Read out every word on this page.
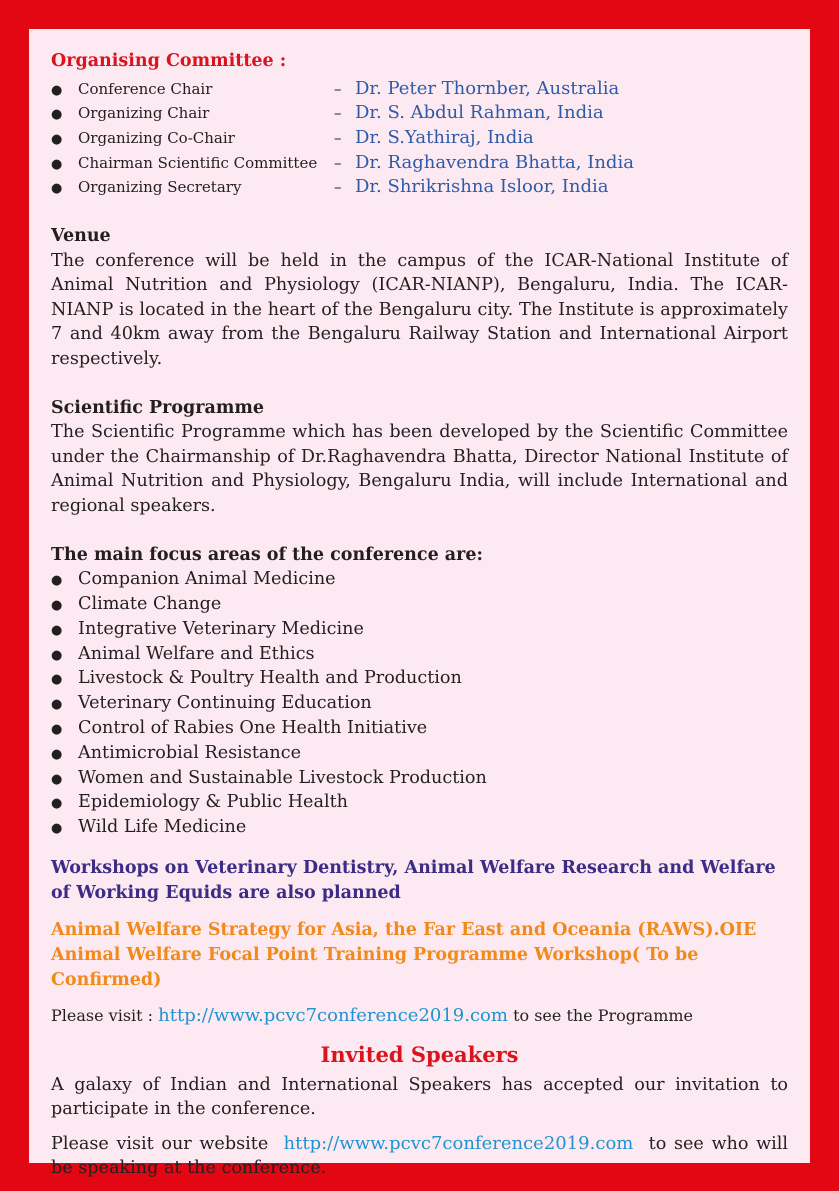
Organising Committee :
●	Conference Chair	– Dr. Peter Thornber, Australia
●	Organizing Chair	– Dr. S. Abdul Rahman, India
●	Organizing Co-Chair	– Dr. S.Yathiraj, India
●	Chairman Scientific Committee	– Dr. Raghavendra Bhatta, India
●	Organizing Secretary	– Dr. Shrikrishna Isloor, India
Venue

The conference will be held in the campus of the ICAR-National Institute of Animal Nutrition and Physiology (ICAR-NIANP), Bengaluru, India. The ICAR-NIANP is located in the heart of the Bengaluru city. The Institute is approximately 7 and 40km away from the Bengaluru Railway Station and International Airport respectively.

Scientific Programme

The Scientific Programme which has been developed by the Scientific Committee under the Chairmanship of Dr.Raghavendra Bhatta, Director National Institute of Animal Nutrition and Physiology, Bengaluru India, will include International and regional speakers.

The main focus areas of the conference are:
● Companion Animal Medicine
● Climate Change
● Integrative Veterinary Medicine
● Animal Welfare and Ethics
● Livestock & Poultry Health and Production
● Veterinary Continuing Education
● Control of Rabies One Health Initiative
● Antimicrobial Resistance
● Women and Sustainable Livestock Production
● Epidemiology & Public Health
● Wild Life Medicine

Workshops on Veterinary Dentistry, Animal Welfare Research and Welfare of Working Equids are also planned

Animal Welfare Strategy for Asia, the Far East and Oceania (RAWS).OIE Animal Welfare Focal Point Training Programme Workshop( To be Confirmed)

Please visit : http://www.pcvc7conference2019.com to see the Programme

Invited Speakers

A galaxy of Indian and International Speakers has accepted our invitation to participate in the conference.

Please visit our website http://www.pcvc7conference2019.com to see who will be speaking at the conference.
